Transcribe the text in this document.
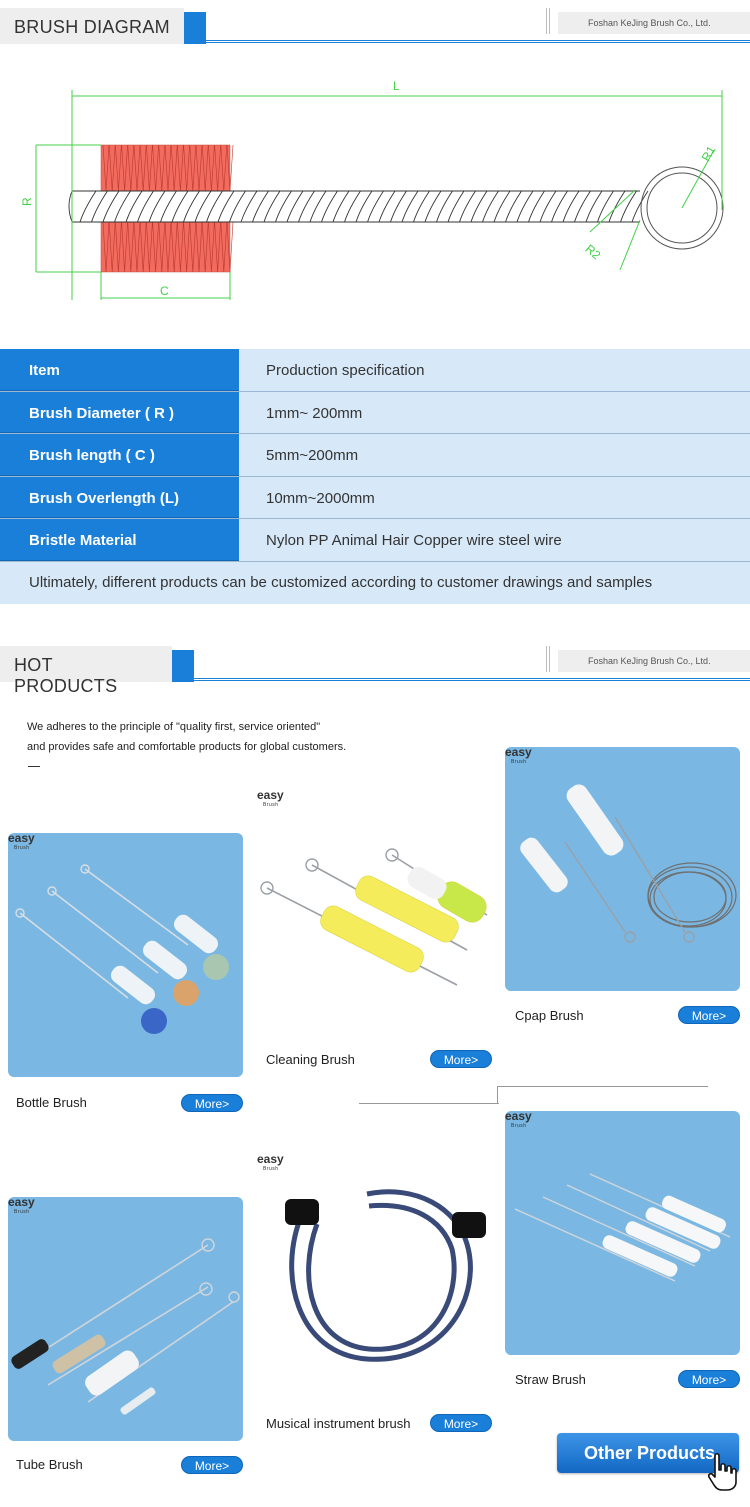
BRUSH DIAGRAM	Foshan KeJing Brush Co., Ltd.
L
R
C
R1
R2
Item	Production specification
Brush Diameter ( R )	1mm~ 200mm
Brush length ( C )	5mm~200mm
Brush Overlength (L)	10mm~2000mm
Bristle Material	Nylon PP Animal Hair Copper wire steel wire
Ultimately, different products can be customized according to customer drawings and samples
HOT PRODUCTS
Foshan KeJing Brush Co., Ltd.
We adheres to the principle of "quality first, service oriented"
and provides safe and comfortable products for global customers.
easy
Brush
Bottle Brush	More>
easy
Brush
Cleaning Brush	More>
easy
Brush
Cpap Brush	More>
easy
Brush
Tube Brush	More>
easy
Brush
Musical instrument brush	More>
easy
Brush
Straw Brush	More>
Other Products
